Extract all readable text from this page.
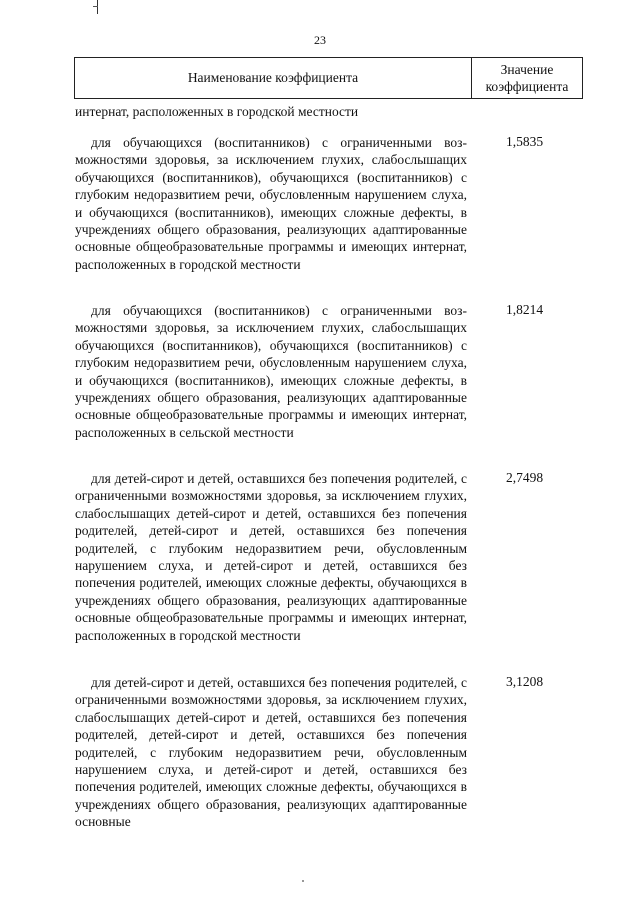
23
Наименование коэффициента
Значение
коэффициента
интернат, расположенных в городской местности
для обучающихся (воспитанников) с ограниченными возможностями здоровья, за исключением глухих, слабослышащих обучающихся (воспитанников), обучающихся (воспитанников) с глубоким недоразвитием речи, обусловленным нарушением слуха, и обучающихся (воспитанников), имеющих сложные дефекты, в учреждениях общего образования, реализующих адаптированные основные общеобразовательные программы и имеющих интернат, расположенных в городской местности
1,5835
для обучающихся (воспитанников) с ограниченными возможностями здоровья, за исключением глухих, слабослышащих обучающихся (воспитанников), обучающихся (воспитанников) с глубоким недоразвитием речи, обусловленным нарушением слуха, и обучающихся (воспитанников), имеющих сложные дефекты, в учреждениях общего образования, реализующих адаптированные основные общеобразовательные программы и имеющих интернат, расположенных в сельской местности
1,8214
для детей-сирот и детей, оставшихся без попечения родителей, с ограниченными возможностями здоровья, за исключением глухих, слабослышащих детей-сирот и детей, оставшихся без попечения родителей, детей-сирот и детей, оставшихся без попечения родителей, с глубоким недоразвитием речи, обусловленным нарушением слуха, и детей-сирот и детей, оставшихся без попечения родителей, имеющих сложные дефекты, обучающихся в учреждениях общего образования, реализующих адаптированные основные общеобразовательные программы и имеющих интернат, расположенных в городской местности
2,7498
для детей-сирот и детей, оставшихся без попечения родителей, с ограниченными возможностями здоровья, за исключением глухих, слабослышащих детей-сирот и детей, оставшихся без попечения родителей, детей-сирот и детей, оставшихся без попечения родителей, с глубоким недоразвитием речи, обусловленным нарушением слуха, и детей-сирот и детей, оставшихся без попечения родителей, имеющих сложные дефекты, обучающихся в учреждениях общего образования, реализующих адаптированные основные
3,1208
